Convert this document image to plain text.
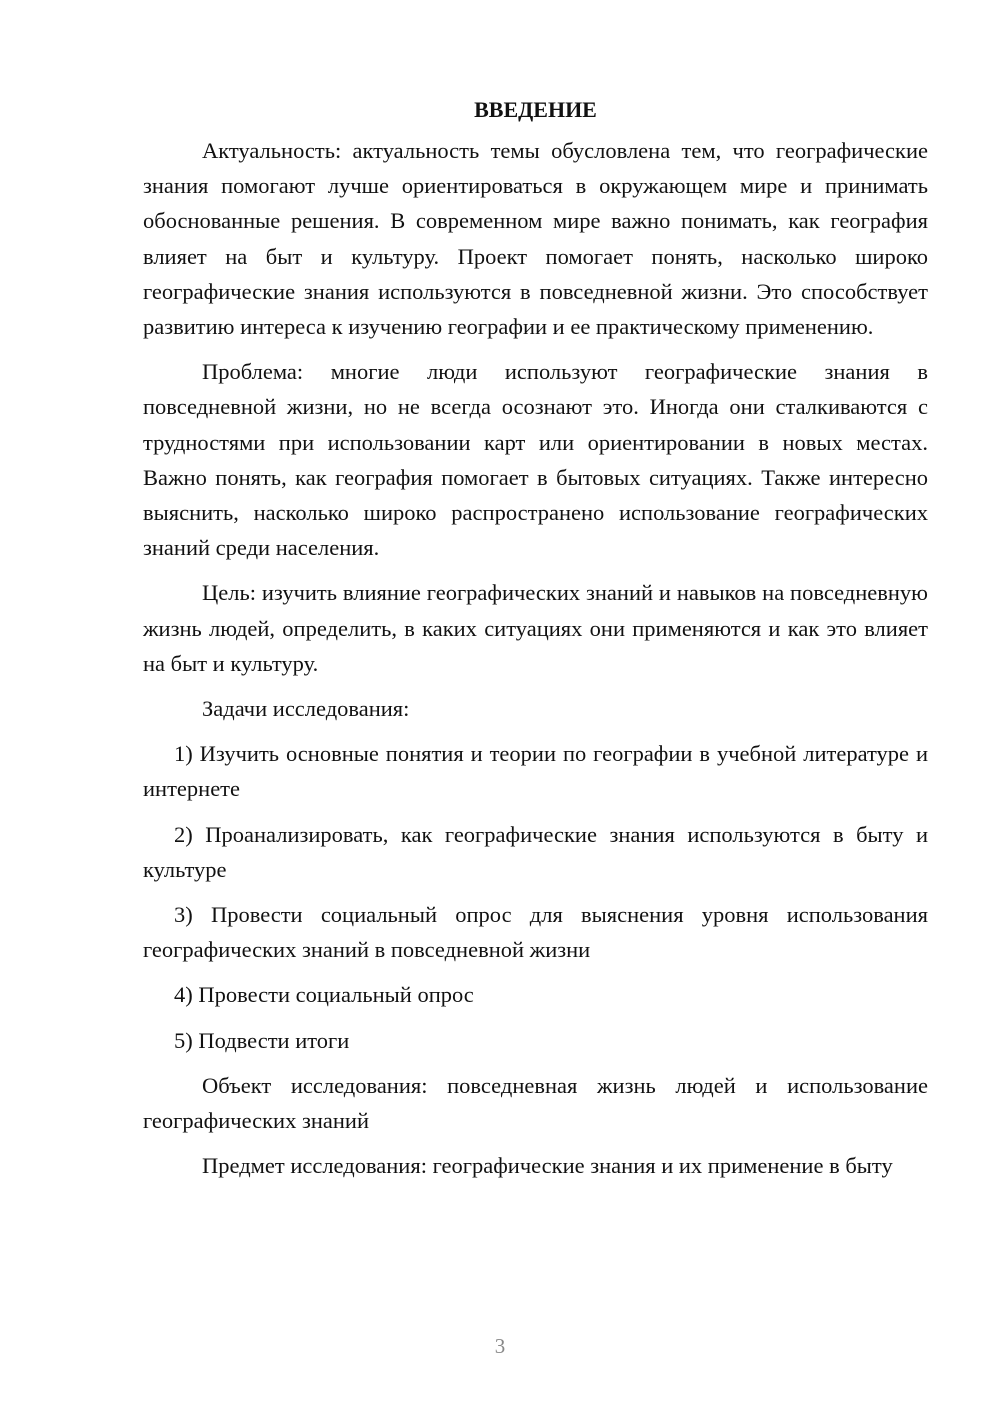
ВВЕДЕНИЕ

Актуальность: актуальность темы обусловлена тем, что географические знания помогают лучше ориентироваться в окружающем мире и принимать обоснованные решения. В современном мире важно понимать, как география влияет на быт и культуру. Проект помогает понять, насколько широко географические знания используются в повседневной жизни. Это способствует развитию интереса к изучению географии и ее практическому применению.

Проблема: многие люди используют географические знания в повседневной жизни, но не всегда осознают это. Иногда они сталкиваются с трудностями при использовании карт или ориентировании в новых местах. Важно понять, как география помогает в бытовых ситуациях. Также интересно выяснить, насколько широко распространено использование географических знаний среди населения.

Цель: изучить влияние географических знаний и навыков на повседневную жизнь людей, определить, в каких ситуациях они применяются и как это влияет на быт и культуру.

Задачи исследования:

1) Изучить основные понятия и теории по географии в учебной литературе и интернете

2) Проанализировать, как географические знания используются в быту и культуре

3) Провести социальный опрос для выяснения уровня использования географических знаний в повседневной жизни

4) Провести социальный опрос

5) Подвести итоги

Объект исследования: повседневная жизнь людей и использование географических знаний

Предмет исследования: географические знания и их применение в быту

3
